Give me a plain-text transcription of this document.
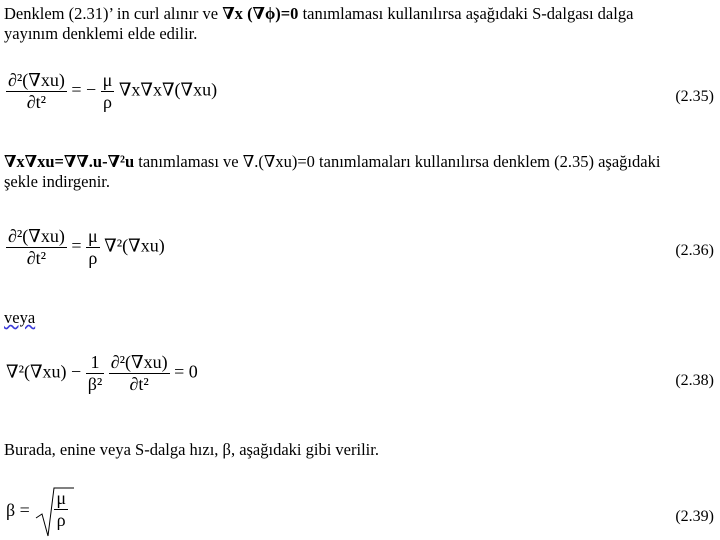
Denklem (2.31)’ in curl alınır ve ∇x (∇ϕ)=0 tanımlaması kullanılırsa aşağıdaki S-dalgası dalga
yayınım denklemi elde edilir.
$\frac{\text{∂²(∇xu)}}{\text{∂t²}}$ = − $\frac{\mu}{\rho} \nabla x\nabla x\nabla(\nabla xu)$	(2.35)
∇x∇xu=∇∇.u-∇²u tanımlaması ve ∇.(∇xu)=0 tanımlamaları kullanılırsa denklem (2.35) aşağıdaki
şekle indirgenir.
$\frac{\text{∂²(∇xu)}}{\text{∂t²}} = \frac{\mu}{\rho} \nabla^2(\nabla xu)$	(2.36)
veya
$\nabla^2(\nabla xu) - \frac{1}{\text{β²}}$
$\frac{\text{∂²(∇xu)}}{\text{∂t²}} = 0$	(2.38)
Burada, enine veya S-dalga hızı, β, aşağıdaki gibi verilir.
$\beta = \frac{\mu}{\rho}$	(2.39)
